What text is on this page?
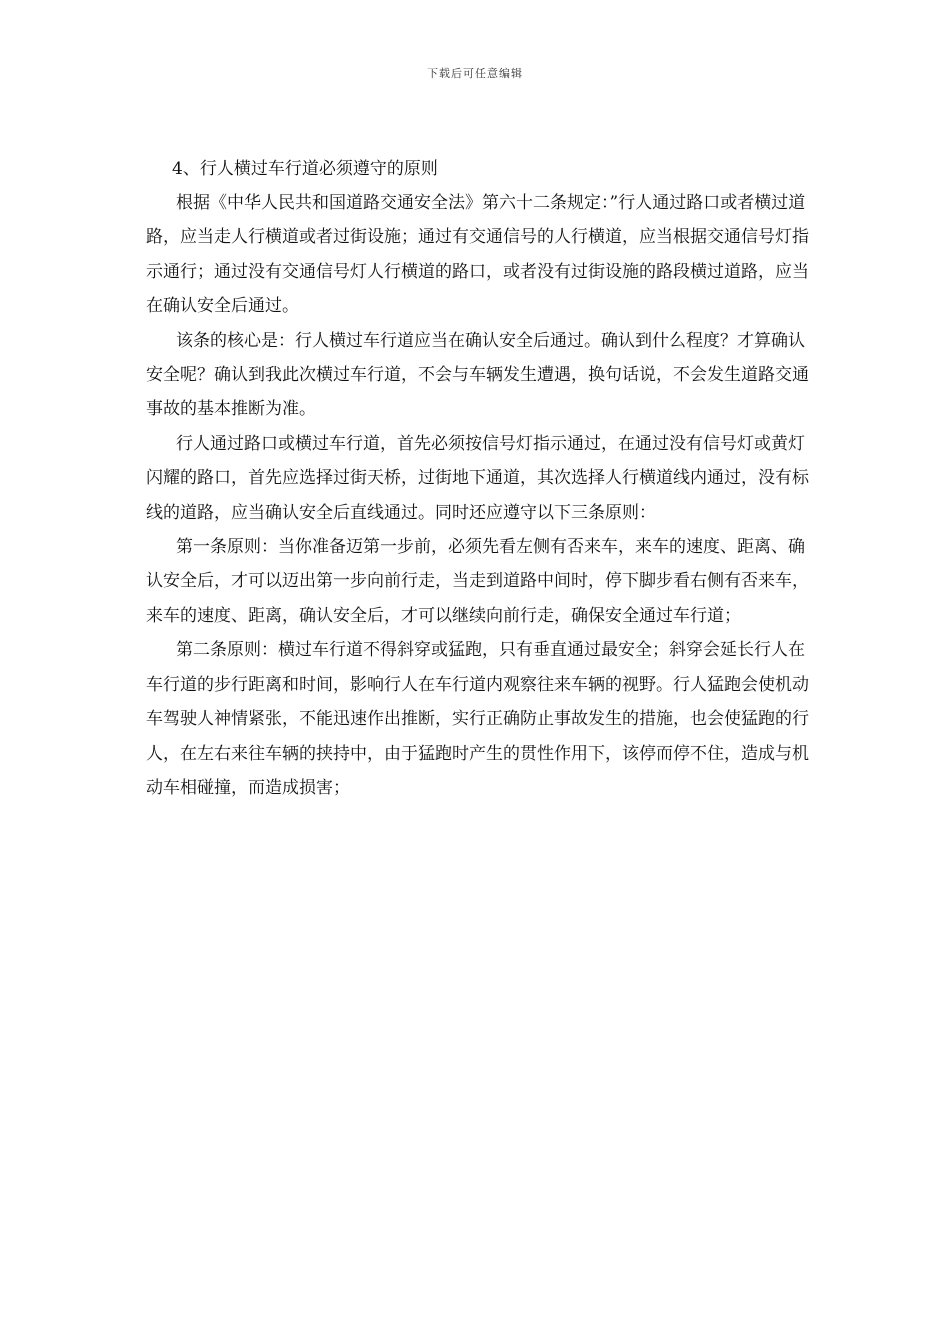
下载后可任意编辑

4、行人横过车行道必须遵守的原则

根据《中华人民共和国道路交通安全法》第六十二条规定：”行人通过路口或者横过道路，应当走人行横道或者过街设施；通过有交通信号的人行横道，应当根据交通信号灯指示通行；通过没有交通信号灯人行横道的路口，或者没有过街设施的路段横过道路，应当在确认安全后通过。

该条的核心是：行人横过车行道应当在确认安全后通过。确认到什么程度？才算确认安全呢？确认到我此次横过车行道，不会与车辆发生遭遇，换句话说，不会发生道路交通事故的基本推断为准。

行人通过路口或横过车行道，首先必须按信号灯指示通过，在通过没有信号灯或黄灯闪耀的路口，首先应选择过街天桥，过街地下通道，其次选择人行横道线内通过，没有标线的道路，应当确认安全后直线通过。同时还应遵守以下三条原则：

第一条原则：当你准备迈第一步前，必须先看左侧有否来车，来车的速度、距离、确认安全后，才可以迈出第一步向前行走，当走到道路中间时，停下脚步看右侧有否来车，来车的速度、距离，确认安全后，才可以继续向前行走，确保安全通过车行道；

第二条原则：横过车行道不得斜穿或猛跑，只有垂直通过最安全；斜穿会延长行人在车行道的步行距离和时间，影响行人在车行道内观察往来车辆的视野。行人猛跑会使机动车驾驶人神情紧张，不能迅速作出推断，实行正确防止事故发生的措施，也会使猛跑的行人，在左右来往车辆的挟持中，由于猛跑时产生的贯性作用下，该停而停不住，造成与机动车相碰撞，而造成损害；
